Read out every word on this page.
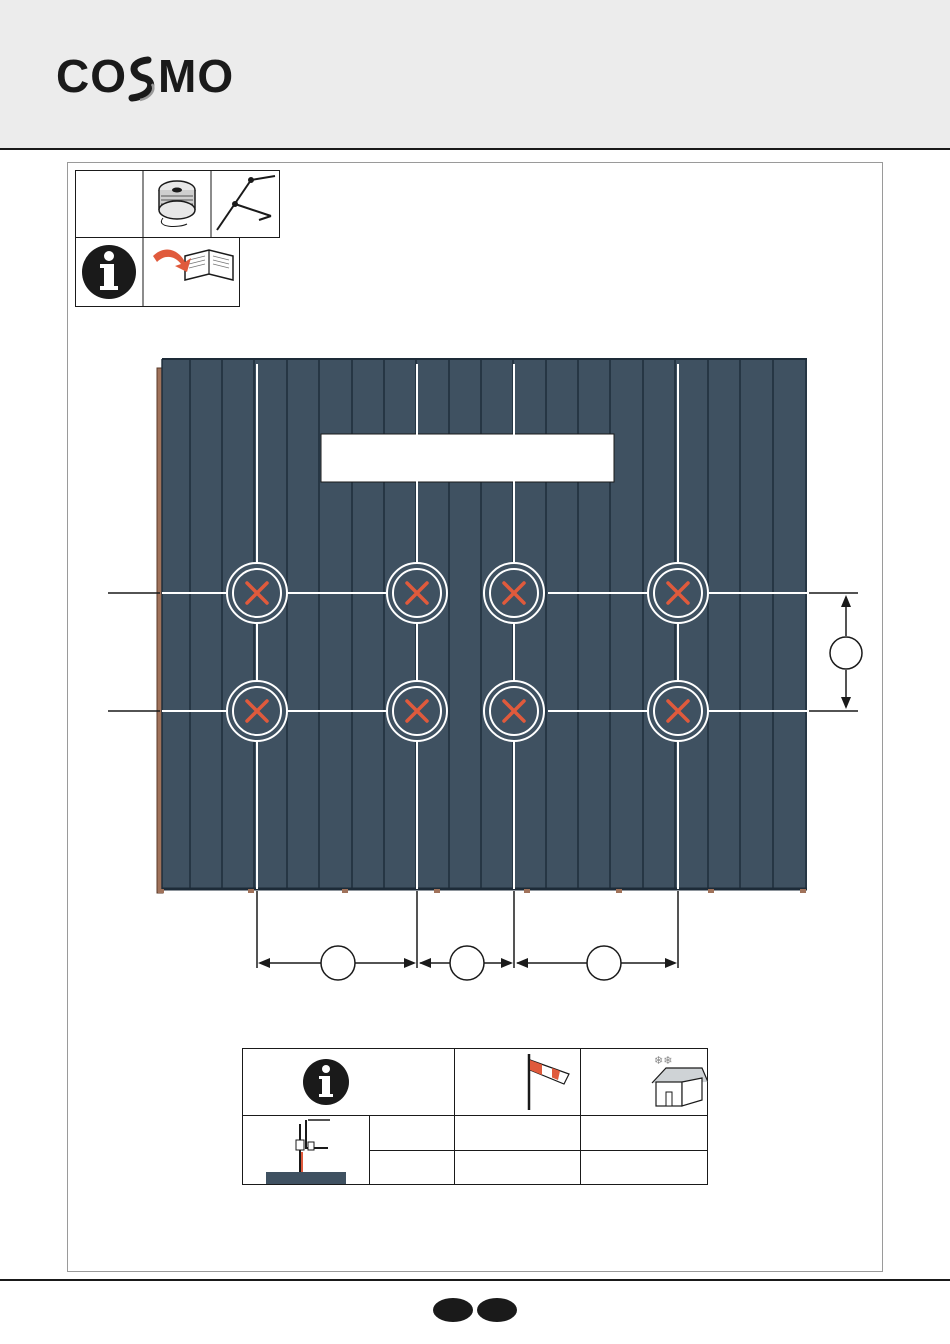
CO MO
❄❄
